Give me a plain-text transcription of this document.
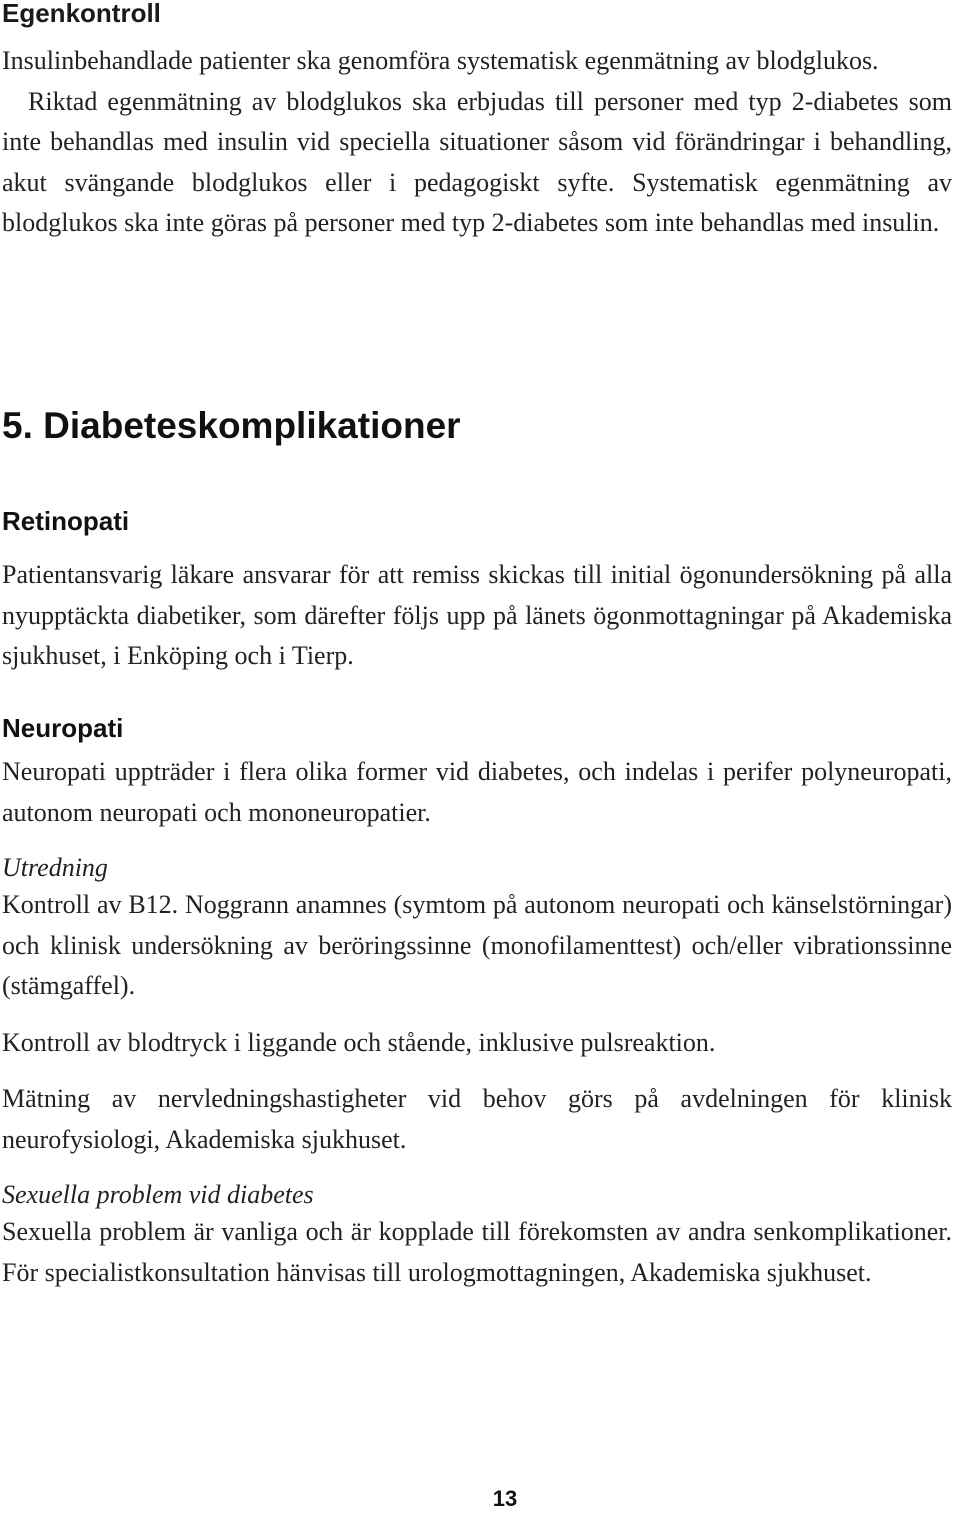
Egenkontroll

Insulinbehandlade patienter ska genomföra systematisk egenmätning av blodglukos.

Riktad egenmätning av blodglukos ska erbjudas till personer med typ 2-diabetes som inte behandlas med insulin vid speciella situationer såsom vid förändringar i behandling, akut svängande blodglukos eller i pedagogiskt syfte. Systematisk egenmätning av blodglukos ska inte göras på personer med typ 2-diabetes som inte behandlas med insulin.

5. Diabeteskomplikationer
Retinopati

Patientansvarig läkare ansvarar för att remiss skickas till initial ögonundersökning på alla nyupptäckta diabetiker, som därefter följs upp på länets ögonmottagningar på Akademiska sjukhuset, i Enköping och i Tierp.

Neuropati

Neuropati uppträder i flera olika former vid diabetes, och indelas i perifer polyneuropati, autonom neuropati och mononeuropatier.

Utredning

Kontroll av B12. Noggrann anamnes (symtom på autonom neuropati och känselstörningar) och klinisk undersökning av beröringssinne (monofilamenttest) och/eller vibrationssinne (stämgaffel).

Kontroll av blodtryck i liggande och stående, inklusive pulsreaktion.

Mätning av nervledningshastigheter vid behov görs på avdelningen för klinisk neurofysiologi, Akademiska sjukhuset.

Sexuella problem vid diabetes

Sexuella problem är vanliga och är kopplade till förekomsten av andra senkomplikationer. För specialistkonsultation hänvisas till urologmottagningen, Akademiska sjukhuset.

13
